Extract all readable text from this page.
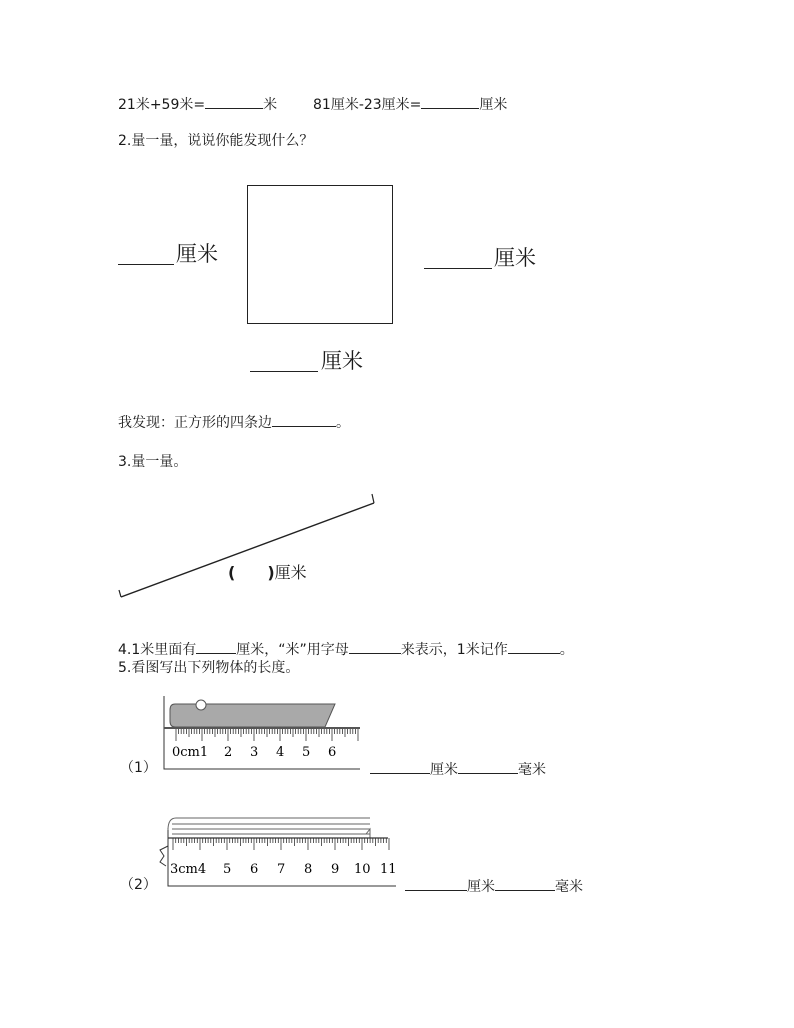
21米+59米=	米	81厘米-23厘米=	厘米
2.量一量，说说你能发现什么？
厘米	厘米
厘米
我发现：正方形的四条边	。
3.量一量。
( )厘米
4.1米里面有	厘米，“米”用字母	来表示，1米记作	。
5.看图写出下列物体的长度。
0cm1 2 3 4 5 6
（1）	厘米	毫米
3cm4 5 6 7 8 9 10 11
（2）	厘米	毫米
